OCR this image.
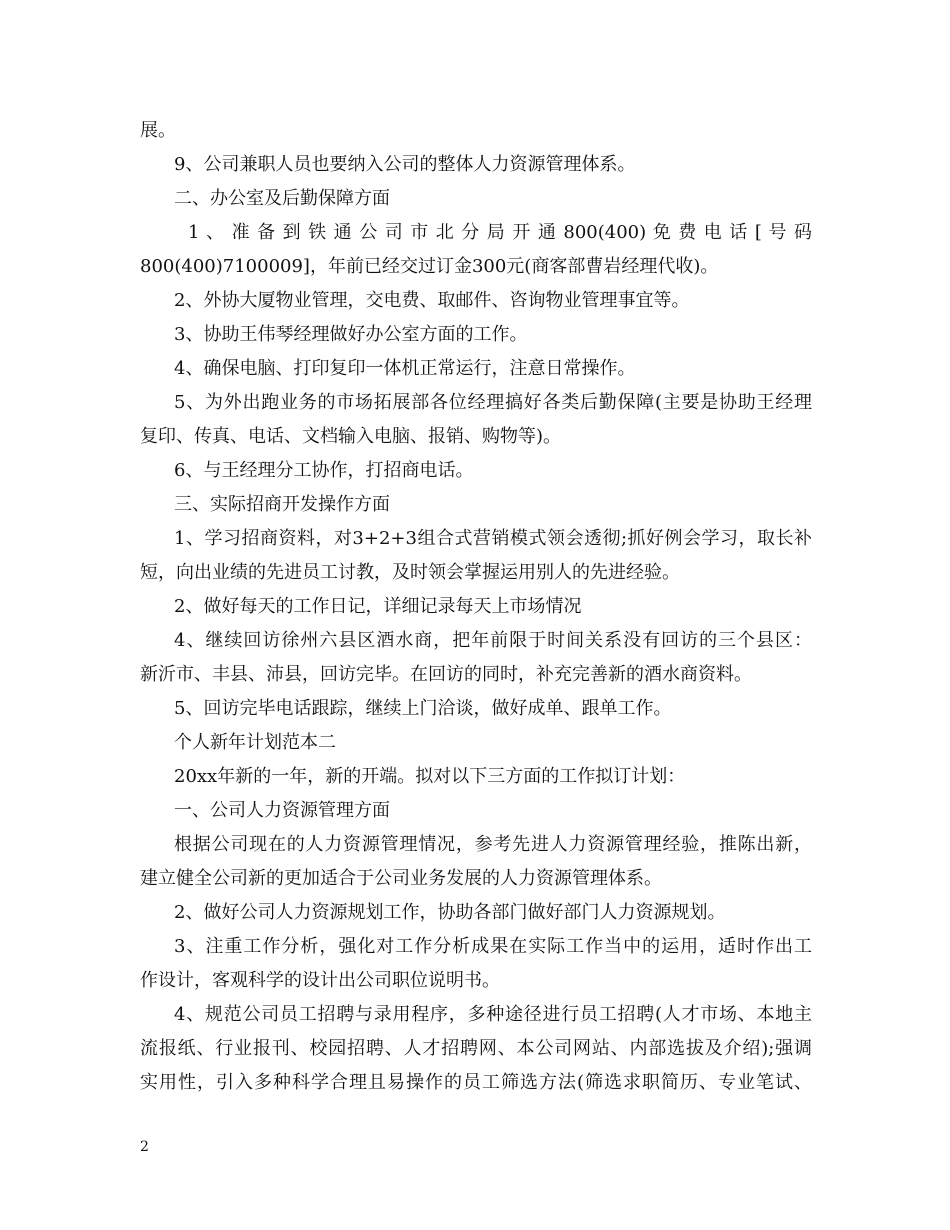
展。
9、公司兼职人员也要纳入公司的整体人力资源管理体系。
二、办公室及后勤保障方面
1 、 准 备 到 铁 通 公 司 市 北 分 局 开 通 800(400) 免 费 电 话 [ 号 码
800(400)7100009]，年前已经交过订金300元(商客部曹岩经理代收)。
2、外协大厦物业管理，交电费、取邮件、咨询物业管理事宜等。
3、协助王伟琴经理做好办公室方面的工作。
4、确保电脑、打印复印一体机正常运行，注意日常操作。
5、为外出跑业务的市场拓展部各位经理搞好各类后勤保障(主要是协助王经理
复印、传真、电话、文档输入电脑、报销、购物等)。
6、与王经理分工协作，打招商电话。
三、实际招商开发操作方面
1、学习招商资料，对3+2+3组合式营销模式领会透彻;抓好例会学习，取长补
短，向出业绩的先进员工讨教，及时领会掌握运用别人的先进经验。
2、做好每天的工作日记，详细记录每天上市场情况
4、继续回访徐州六县区酒水商，把年前限于时间关系没有回访的三个县区：
新沂市、丰县、沛县，回访完毕。在回访的同时，补充完善新的酒水商资料。
5、回访完毕电话跟踪，继续上门洽谈，做好成单、跟单工作。
个人新年计划范本二
20xx年新的一年，新的开端。拟对以下三方面的工作拟订计划：
一、公司人力资源管理方面
根据公司现在的人力资源管理情况，参考先进人力资源管理经验，推陈出新，
建立健全公司新的更加适合于公司业务发展的人力资源管理体系。
2、做好公司人力资源规划工作，协助各部门做好部门人力资源规划。
3、注重工作分析，强化对工作分析成果在实际工作当中的运用，适时作出工
作设计，客观科学的设计出公司职位说明书。
4、规范公司员工招聘与录用程序，多种途径进行员工招聘(人才市场、本地主
流报纸、行业报刊、校园招聘、人才招聘网、本公司网站、内部选拔及介绍);强调
实用性，引入多种科学合理且易操作的员工筛选方法(筛选求职简历、专业笔试、
2
